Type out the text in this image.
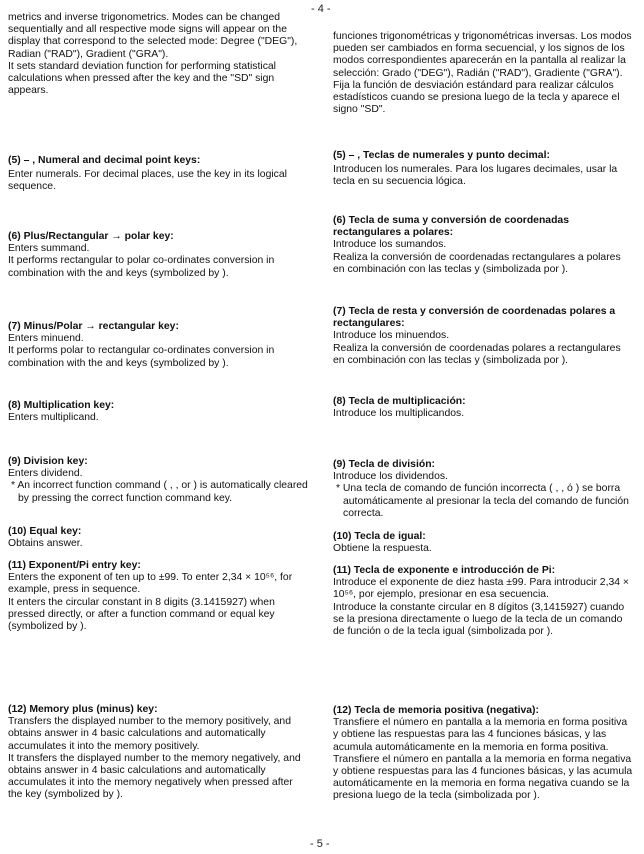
- 4 -

metrics and inverse trigonometrics. Modes can be changed sequentially and all respective mode signs will appear on the display that correspond to the selected mode: Degree ("DEG"), Radian ("RAD"), Gradient ("GRA").

It sets standard deviation function for performing statistical calculations when pressed after the key and the "SD" sign appears.

(5) – , Numeral and decimal point keys:

Enter numerals. For decimal places, use the key in its logical sequence.

(6) Plus/Rectangular → polar key:

Enters summand.

It performs rectangular to polar co-ordinates conversion in combination with the and keys (symbolized by ).

(7) Minus/Polar → rectangular key:

Enters minuend.

It performs polar to rectangular co-ordinates conversion in combination with the and keys (symbolized by ).

(8) Multiplication key:

Enters multiplicand.

(9) Division key:

Enters dividend.

* An incorrect function command ( , , or ) is automatically cleared by pressing the correct function command key.

(10) Equal key:

Obtains answer.

(11) Exponent/Pi entry key:

Enters the exponent of ten up to ±99. To enter 2,34 × 10⁵⁶, for example, press in sequence.

It enters the circular constant in 8 digits (3.1415927) when pressed directly, or after a function command or equal key (symbolized by ).

(12) Memory plus (minus) key:

Transfers the displayed number to the memory positively, and obtains answer in 4 basic calculations and automatically accumulates it into the memory positively.

It transfers the displayed number to the memory negatively, and obtains answer in 4 basic calculations and automatically accumulates it into the memory negatively when pressed after the key (symbolized by ).

funciones trigonométricas y trigonométricas inversas. Los modos pueden ser cambiados en forma secuencial, y los signos de los modos correspondientes aparecerán en la pantalla al realizar la selección: Grado ("DEG"), Radián ("RAD"), Gradiente ("GRA").

Fija la función de desviación estándard para realizar cálculos estadísticos cuando se presiona luego de la tecla y aparece el signo "SD".

(5) – , Teclas de numerales y punto decimal:

Introducen los numerales. Para los lugares decimales, usar la tecla en su secuencia lógica.

(6) Tecla de suma y conversión de coordenadas rectangulares a polares:

Introduce los sumandos.

Realiza la conversión de coordenadas rectangulares a polares en combinación con las teclas y (simbolizada por ).

(7) Tecla de resta y conversión de coordenadas polares a rectangulares:

Introduce los minuendos.

Realiza la conversión de coordenadas polares a rectangulares en combinación con las teclas y (simbolizada por ).

(8) Tecla de multiplicación:

Introduce los multiplicandos.

(9) Tecla de división:

Introduce los dividendos.

* Una tecla de comando de función incorrecta ( , , ó ) se borra automáticamente al presionar la tecla del comando de función correcta.

(10) Tecla de igual:

Obtiene la respuesta.

(11) Tecla de exponente e introducción de Pi:

Introduce el exponente de diez hasta ±99. Para introducir 2,34 × 10⁵⁶, por ejemplo, presionar en esa secuencia.

Introduce la constante circular en 8 dígitos (3,1415927) cuando se la presiona directamente o luego de la tecla de un comando de función o de la tecla igual (simbolizada por ).

(12) Tecla de memoria positiva (negativa):

Transfiere el número en pantalla a la memoria en forma positiva y obtiene las respuestas para las 4 funciones básicas, y las acumula automáticamente en la memoria en forma positiva.

Transfiere el número en pantalla a la memoria en forma negativa y obtiene respuestas para las 4 funciones básicas, y las acumula automáticamente en la memoria en forma negativa cuando se la presiona luego de la tecla (simbolizada por ).

- 5 -
